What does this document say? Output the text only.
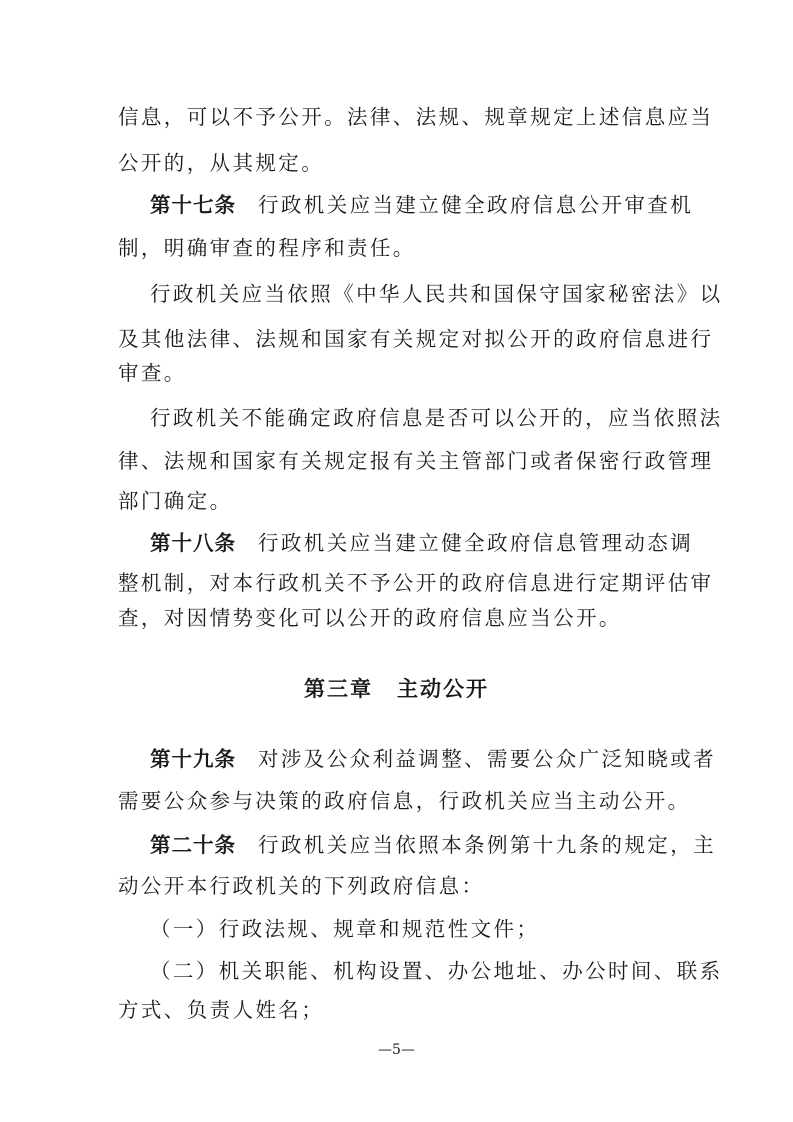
信息，可以不予公开。法律、法规、规章规定上述信息应当
公开的，从其规定。
第十七条 行政机关应当建立健全政府信息公开审查机
制，明确审查的程序和责任。
行政机关应当依照《中华人民共和国保守国家秘密法》以
及其他法律、法规和国家有关规定对拟公开的政府信息进行
审查。
行政机关不能确定政府信息是否可以公开的，应当依照法
律、法规和国家有关规定报有关主管部门或者保密行政管理
部门确定。
第十八条 行政机关应当建立健全政府信息管理动态调
整机制，对本行政机关不予公开的政府信息进行定期评估审
查，对因情势变化可以公开的政府信息应当公开。
第三章 主动公开
第十九条 对涉及公众利益调整、需要公众广泛知晓或者
需要公众参与决策的政府信息，行政机关应当主动公开。
第二十条 行政机关应当依照本条例第十九条的规定，主
动公开本行政机关的下列政府信息：
（一）行政法规、规章和规范性文件；
（二）机关职能、机构设置、办公地址、办公时间、联系
方式、负责人姓名；
—5—
